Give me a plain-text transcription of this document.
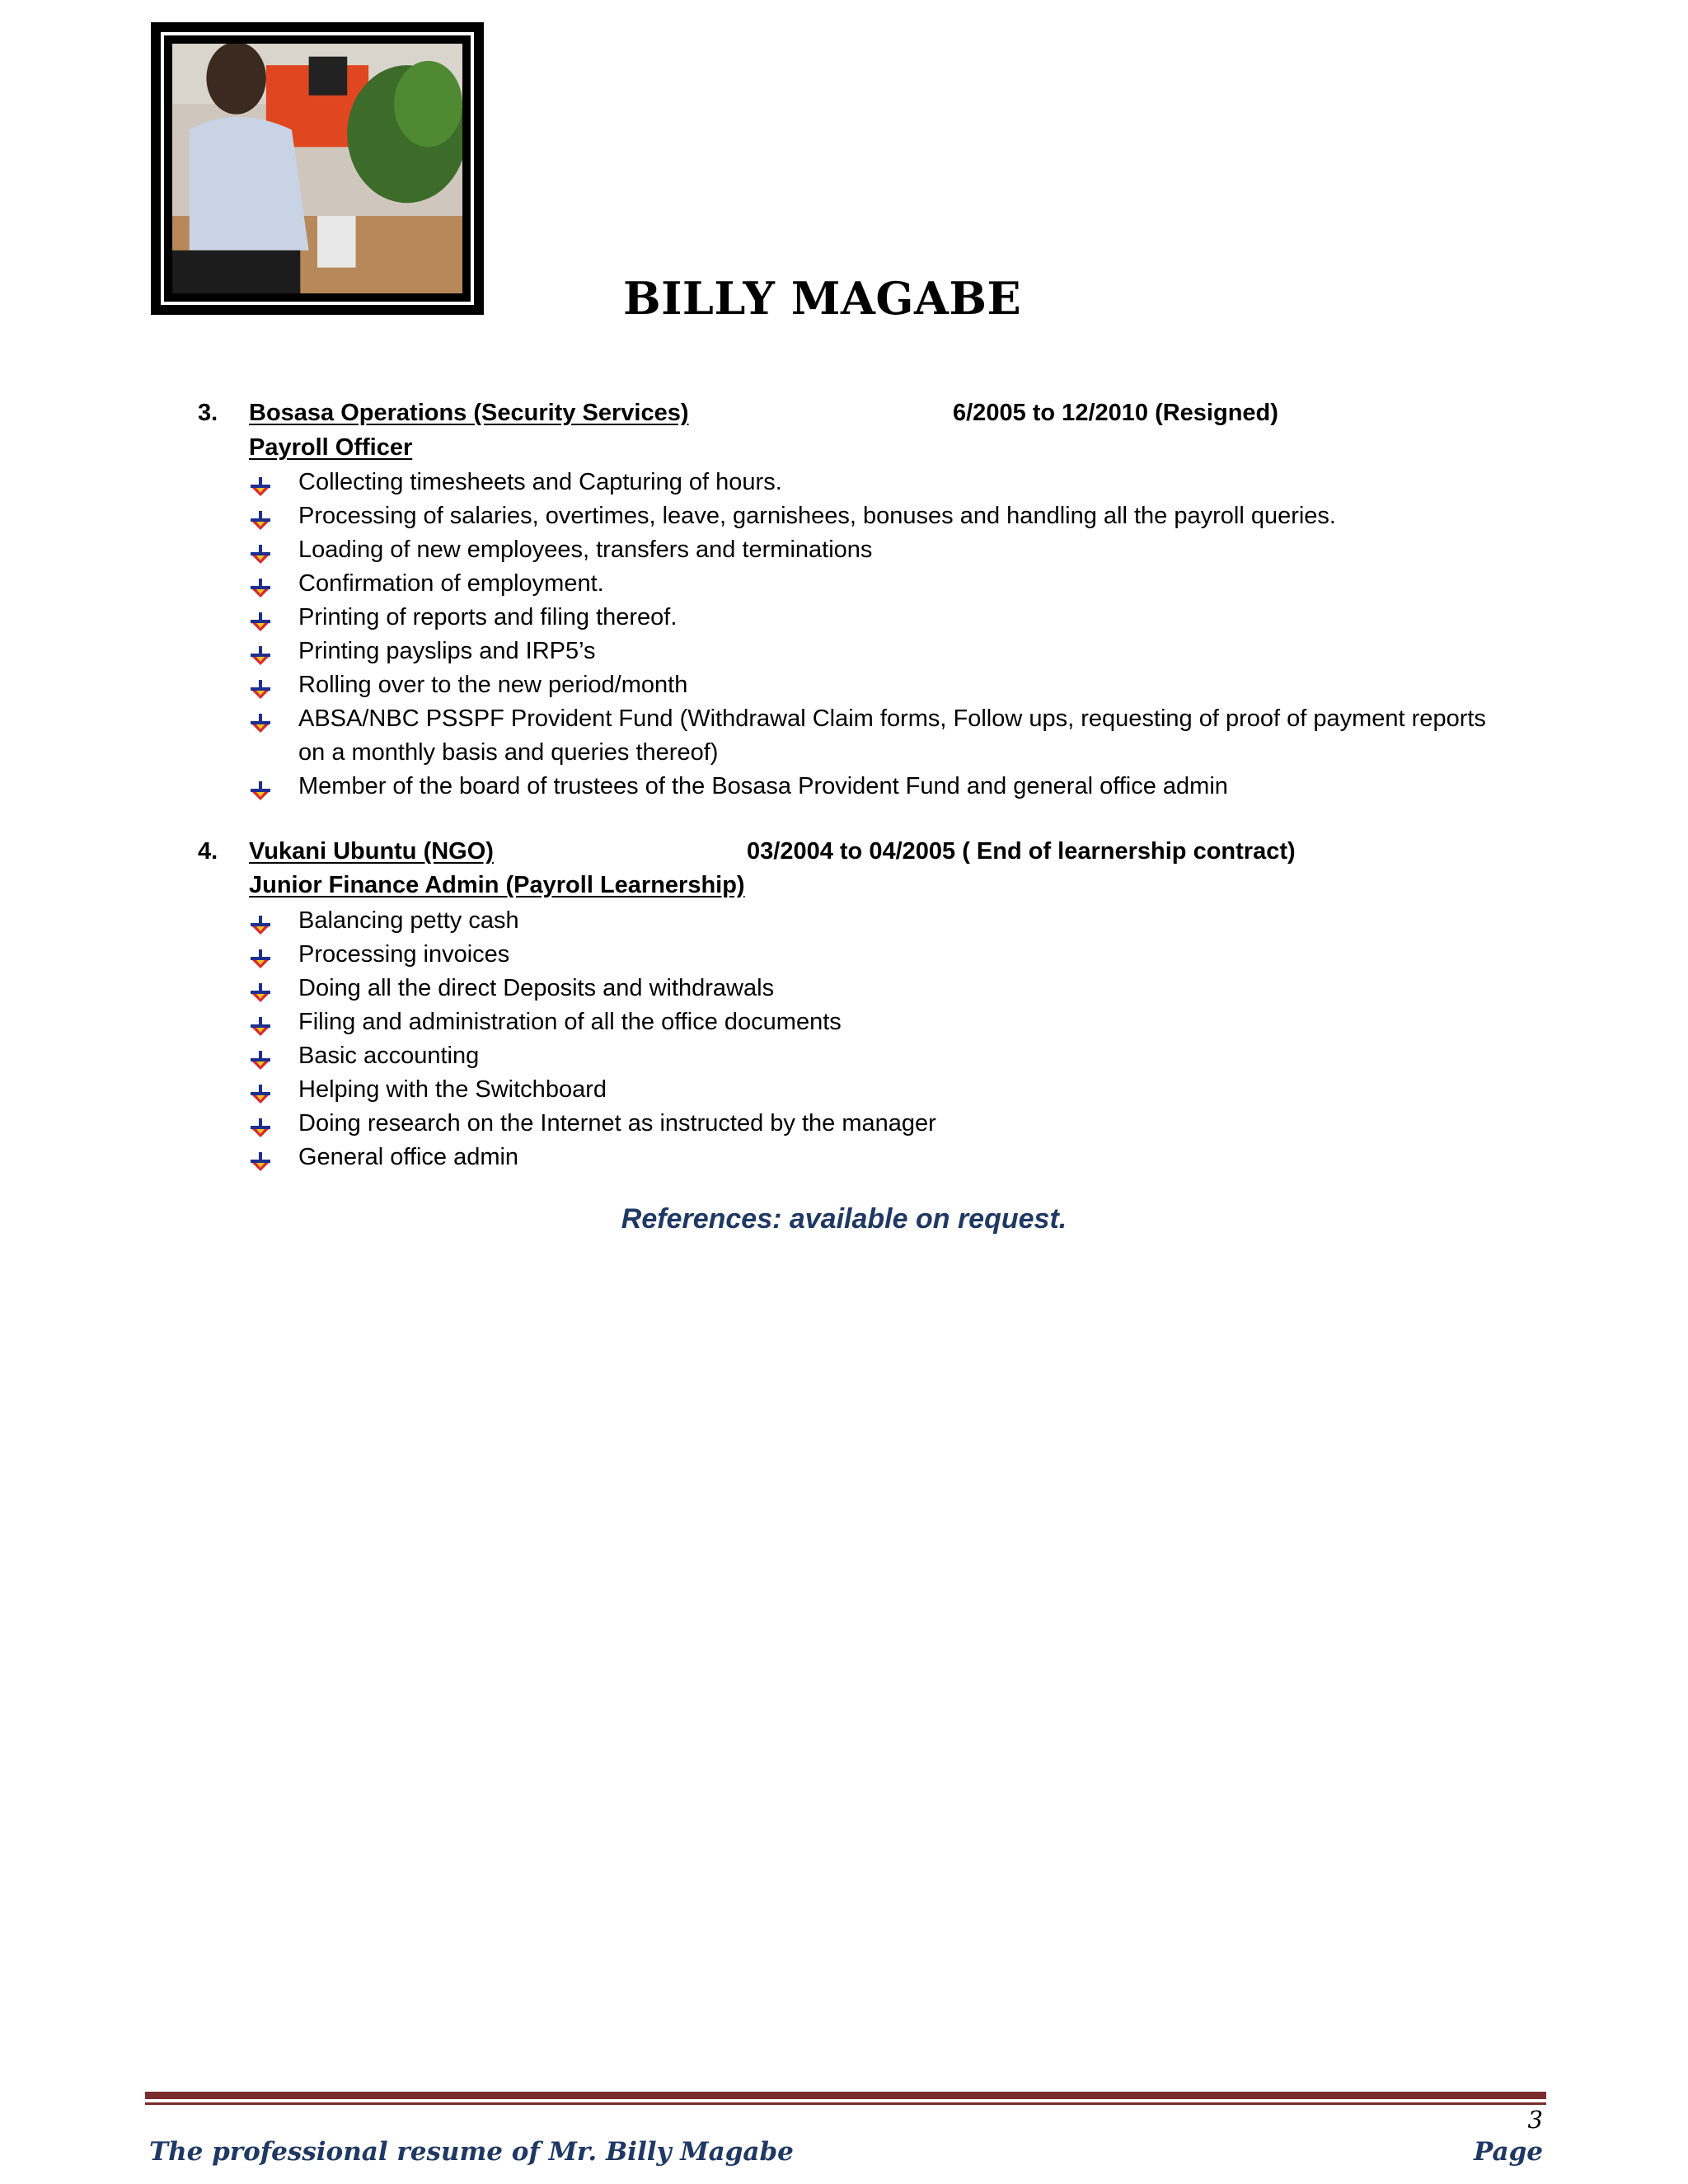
BILLY MAGABE
3. Bosasa Operations (Security Services)	6/2005 to 12/2010 (Resigned)
Payroll Officer
Collecting timesheets and Capturing of hours.
Processing of salaries, overtimes, leave, garnishees, bonuses and handling all the payroll queries.
Loading of new employees, transfers and terminations
Confirmation of employment.
Printing of reports and filing thereof.
Printing payslips and IRP5’s
Rolling over to the new period/month
ABSA/NBC PSSPF Provident Fund (Withdrawal Claim forms, Follow ups, requesting of proof of payment reports on a monthly basis and queries thereof)
Member of the board of trustees of the Bosasa Provident Fund and general office admin
4. Vukani Ubuntu (NGO)	03/2004 to 04/2005 ( End of learnership contract)
Junior Finance Admin (Payroll Learnership)
Balancing petty cash
Processing invoices
Doing all the direct Deposits and withdrawals
Filing and administration of all the office documents
Basic accounting
Helping with the Switchboard
Doing research on the Internet as instructed by the manager
General office admin
References: available on request.
3
The professional resume of Mr. Billy Magabe	Page
